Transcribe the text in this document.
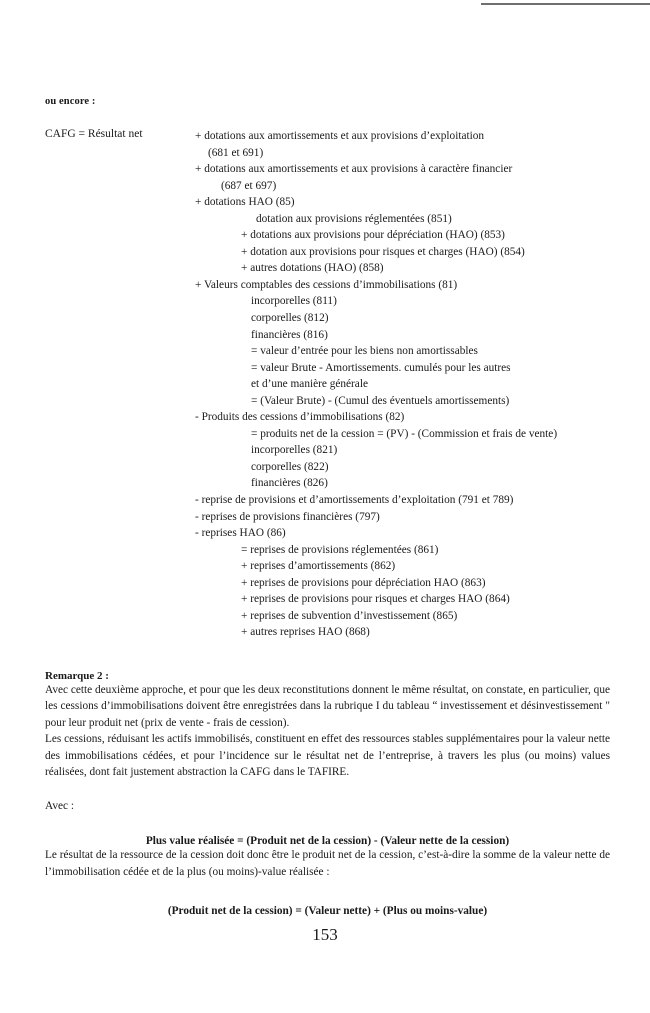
ou encore :
CAFG = Résultat net	+ dotations aux amortissements et aux provisions d’exploitation
(681 et 691)
+ dotations aux amortissements et aux provisions à caractère financier
(687 et 697)
+ dotations HAO (85)
dotation aux provisions réglementées (851)
+ dotations aux provisions pour dépréciation (HAO) (853)
+ dotation aux provisions pour risques et charges (HAO) (854)
+ autres dotations (HAO) (858)
+ Valeurs comptables des cessions d’immobilisations (81)
incorporelles (811)
corporelles (812)
financières (816)
= valeur d’entrée pour les biens non amortissables
= valeur Brute - Amortissements. cumulés pour les autres
et d’une manière générale
= (Valeur Brute) - (Cumul des éventuels amortissements)
- Produits des cessions d’immobilisations (82)
= produits net de la cession = (PV) - (Commission et frais de vente)
incorporelles (821)
corporelles (822)
financières (826)
- reprise de provisions et d’amortissements d’exploitation (791 et 789)
- reprises de provisions financières (797)
- reprises HAO (86)
= reprises de provisions réglementées (861)
+ reprises d’amortissements (862)
+ reprises de provisions pour dépréciation HAO (863)
+ reprises de provisions pour risques et charges HAO (864)
+ reprises de subvention d’investissement (865)
+ autres reprises HAO (868)
Remarque 2 :

Avec cette deuxième approche, et pour que les deux reconstitutions donnent le même résultat, on constate, en particulier, que les cessions d’immobilisations doivent être enregistrées dans la rubrique I du tableau “ investissement et désinvestissement " pour leur produit net (prix de vente - frais de cession).

Les cessions, réduisant les actifs immobilisés, constituent en effet des ressources stables supplémentaires pour la valeur nette des immobilisations cédées, et pour l’incidence sur le résultat net de l’entreprise, à travers les plus (ou moins) values réalisées, dont fait justement abstraction la CAFG dans le TAFIRE.

Avec :
Plus value réalisée = (Produit net de la cession) - (Valeur nette de la cession)

Le résultat de la ressource de la cession doit donc être le produit net de la cession, c’est-à-dire la somme de la valeur nette de l’immobilisation cédée et de la plus (ou moins)-value réalisée :

(Produit net de la cession) = (Valeur nette) + (Plus ou moins-value)
153
